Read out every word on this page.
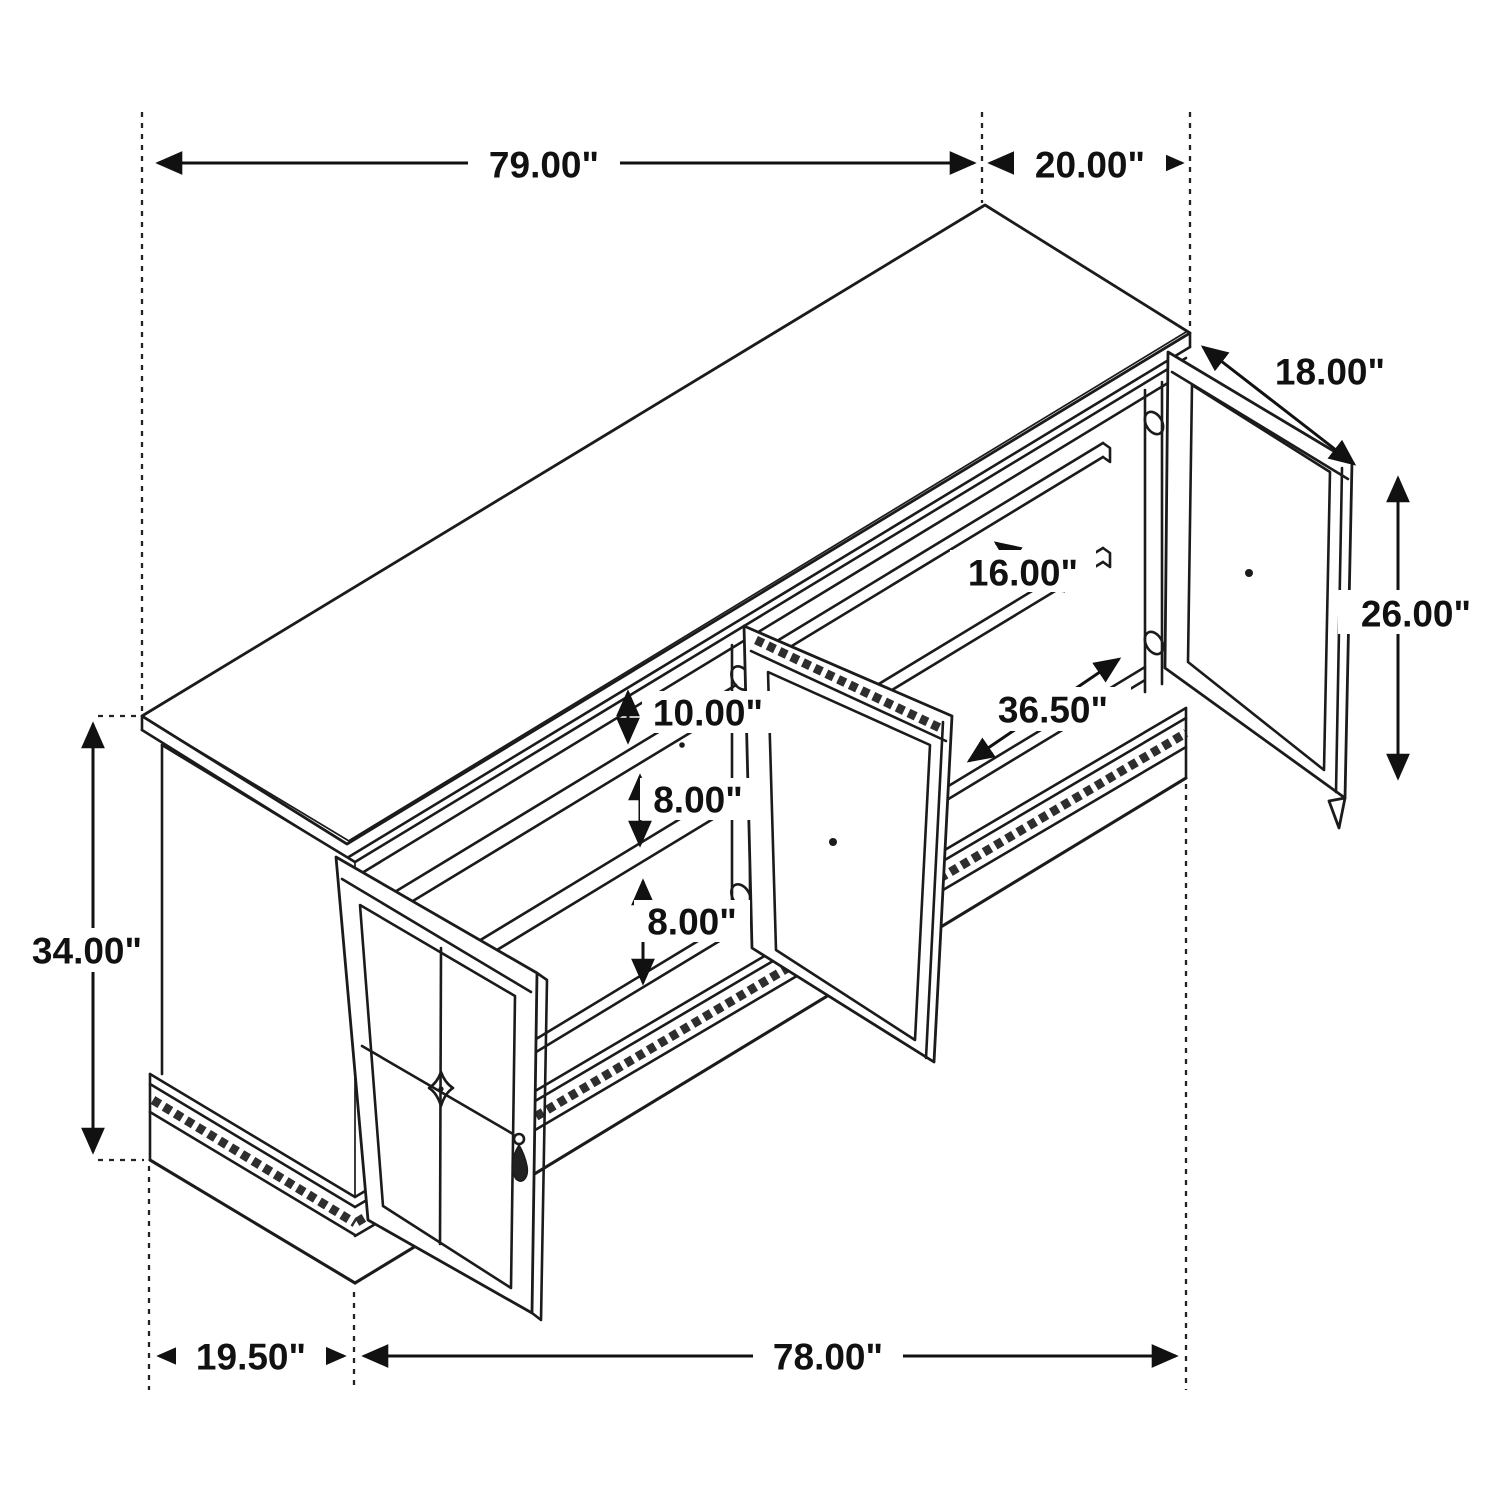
79.00"	20.00"
18.00"
26.00"
16.00"
36.50"
10.00"
8.00"
8.00"
34.00"
19.50"	78.00"
